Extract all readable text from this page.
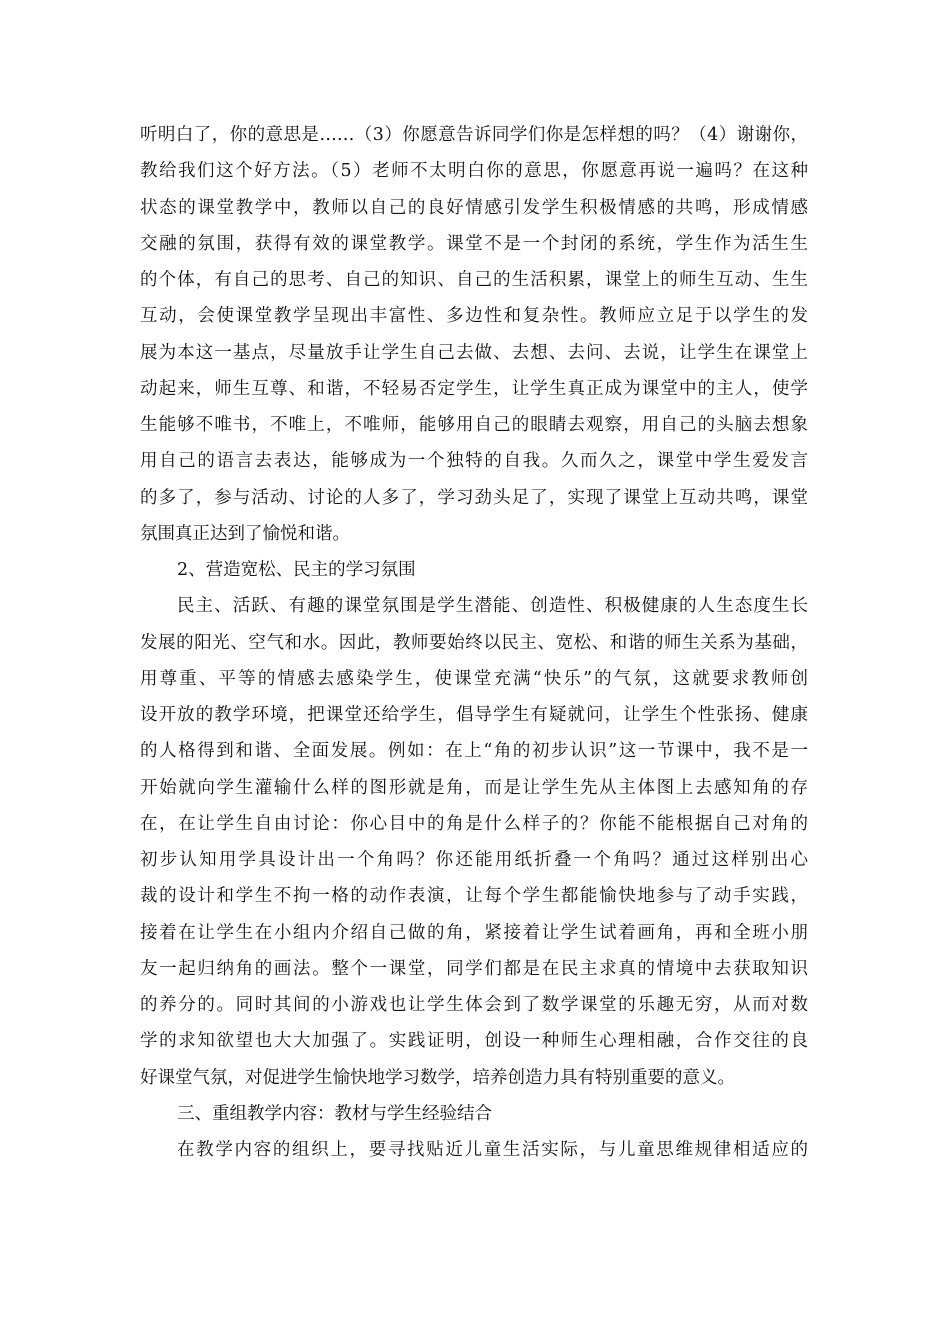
听明白了，你的意思是……（3）你愿意告诉同学们你是怎样想的吗？（4）谢谢你，
教给我们这个好方法。（5）老师不太明白你的意思，你愿意再说一遍吗？在这种
状态的课堂教学中，教师以自己的良好情感引发学生积极情感的共鸣，形成情感
交融的氛围，获得有效的课堂教学。课堂不是一个封闭的系统，学生作为活生生
的个体，有自己的思考、自己的知识、自己的生活积累，课堂上的师生互动、生生
互动，会使课堂教学呈现出丰富性、多边性和复杂性。教师应立足于以学生的发
展为本这一基点，尽量放手让学生自己去做、去想、去问、去说，让学生在课堂上
动起来，师生互尊、和谐，不轻易否定学生，让学生真正成为课堂中的主人，使学
生能够不唯书，不唯上，不唯师，能够用自己的眼睛去观察，用自己的头脑去想象
用自己的语言去表达，能够成为一个独特的自我。久而久之，课堂中学生爱发言
的多了，参与活动、讨论的人多了，学习劲头足了，实现了课堂上互动共鸣，课堂
氛围真正达到了愉悦和谐。
2、营造宽松、民主的学习氛围
民主、活跃、有趣的课堂氛围是学生潜能、创造性、积极健康的人生态度生长
发展的阳光、空气和水。因此，教师要始终以民主、宽松、和谐的师生关系为基础，
用尊重、平等的情感去感染学生，使课堂充满“快乐”的气氛，这就要求教师创
设开放的教学环境，把课堂还给学生，倡导学生有疑就问，让学生个性张扬、健康
的人格得到和谐、全面发展。例如：在上“角的初步认识”这一节课中，我不是一
开始就向学生灌输什么样的图形就是角，而是让学生先从主体图上去感知角的存
在，在让学生自由讨论：你心目中的角是什么样子的？你能不能根据自己对角的
初步认知用学具设计出一个角吗？你还能用纸折叠一个角吗？通过这样别出心
裁的设计和学生不拘一格的动作表演，让每个学生都能愉快地参与了动手实践，
接着在让学生在小组内介绍自己做的角，紧接着让学生试着画角，再和全班小朋
友一起归纳角的画法。整个一课堂，同学们都是在民主求真的情境中去获取知识
的养分的。同时其间的小游戏也让学生体会到了数学课堂的乐趣无穷，从而对数
学的求知欲望也大大加强了。实践证明，创设一种师生心理相融，合作交往的良
好课堂气氛，对促进学生愉快地学习数学，培养创造力具有特别重要的意义。
三、重组教学内容：教材与学生经验结合
在教学内容的组织上，要寻找贴近儿童生活实际，与儿童思维规律相适应的
